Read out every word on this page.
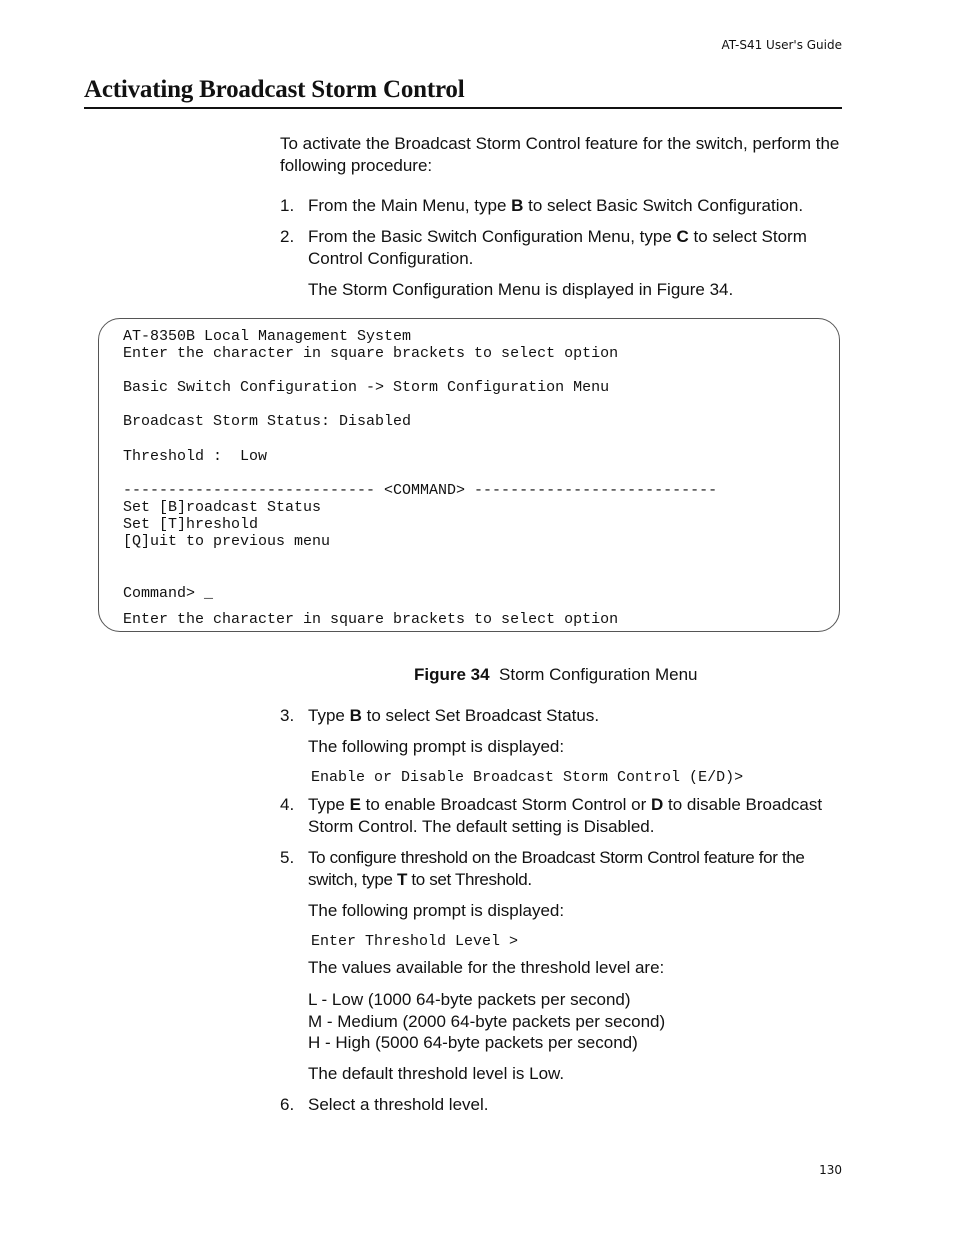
AT-S41 User's Guide
Activating Broadcast Storm Control

To activate the Broadcast Storm Control feature for the switch, perform the following procedure:

1. From the Main Menu, type B to select Basic Switch Configuration.

2. From the Basic Switch Configuration Menu, type C to select Storm Control Configuration.

The Storm Configuration Menu is displayed in Figure 34.

AT-8350B Local Management System
Enter the character in square brackets to select option
Basic Switch Configuration -> Storm Configuration Menu
Broadcast Storm Status: Disabled
Threshold :  Low
---------------------------- <COMMAND> ---------------------------
Set [B]roadcast Status
Set [T]hreshold
[Q]uit to previous menu
Command> _
Enter the character in square brackets to select option
Figure 34 Storm Configuration Menu

3. Type B to select Set Broadcast Status.

The following prompt is displayed:

Enable or Disable Broadcast Storm Control (E/D)>

4. Type E to enable Broadcast Storm Control or D to disable Broadcast Storm Control. The default setting is Disabled.

5. To configure threshold on the Broadcast Storm Control feature for the switch, type T to set Threshold.

The following prompt is displayed:

Enter Threshold Level >

The values available for the threshold level are:

L - Low (1000 64-byte packets per second)
M - Medium (2000 64-byte packets per second)
H - High (5000 64-byte packets per second)

The default threshold level is Low.

6. Select a threshold level.

130
